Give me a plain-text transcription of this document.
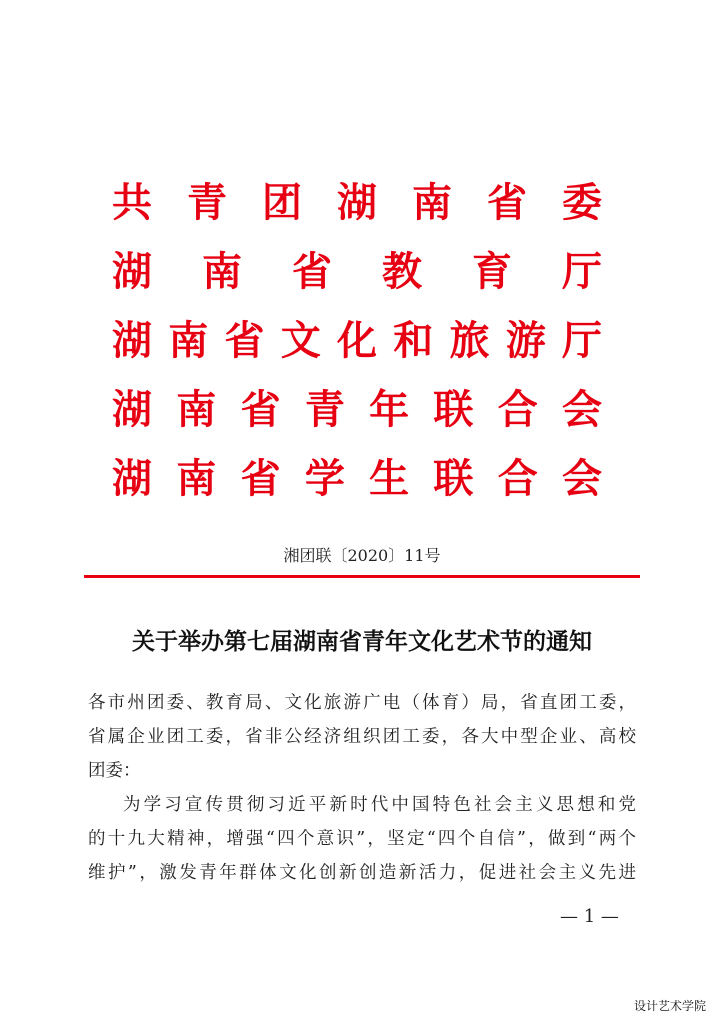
共 青 团 湖 南 省 委
湖 南 省 教 育 厅
湖 南 省 文 化 和 旅 游 厅
湖 南 省 青 年 联 合 会
湖 南 省 学 生 联 合 会
湘团联〔2020〕11号
关于举办第七届湖南省青年文化艺术节的通知

各市州团委、教育局、文化旅游广电（体育）局，省直团工委，

省属企业团工委，省非公经济组织团工委，各大中型企业、高校

团委：

为学习宣传贯彻习近平新时代中国特色社会主义思想和党

的十九大精神，增强“四个意识”，坚定“四个自信”，做到“两个

维护”，激发青年群体文化创新创造新活力，促进社会主义先进

— 1 —
设计艺术学院
